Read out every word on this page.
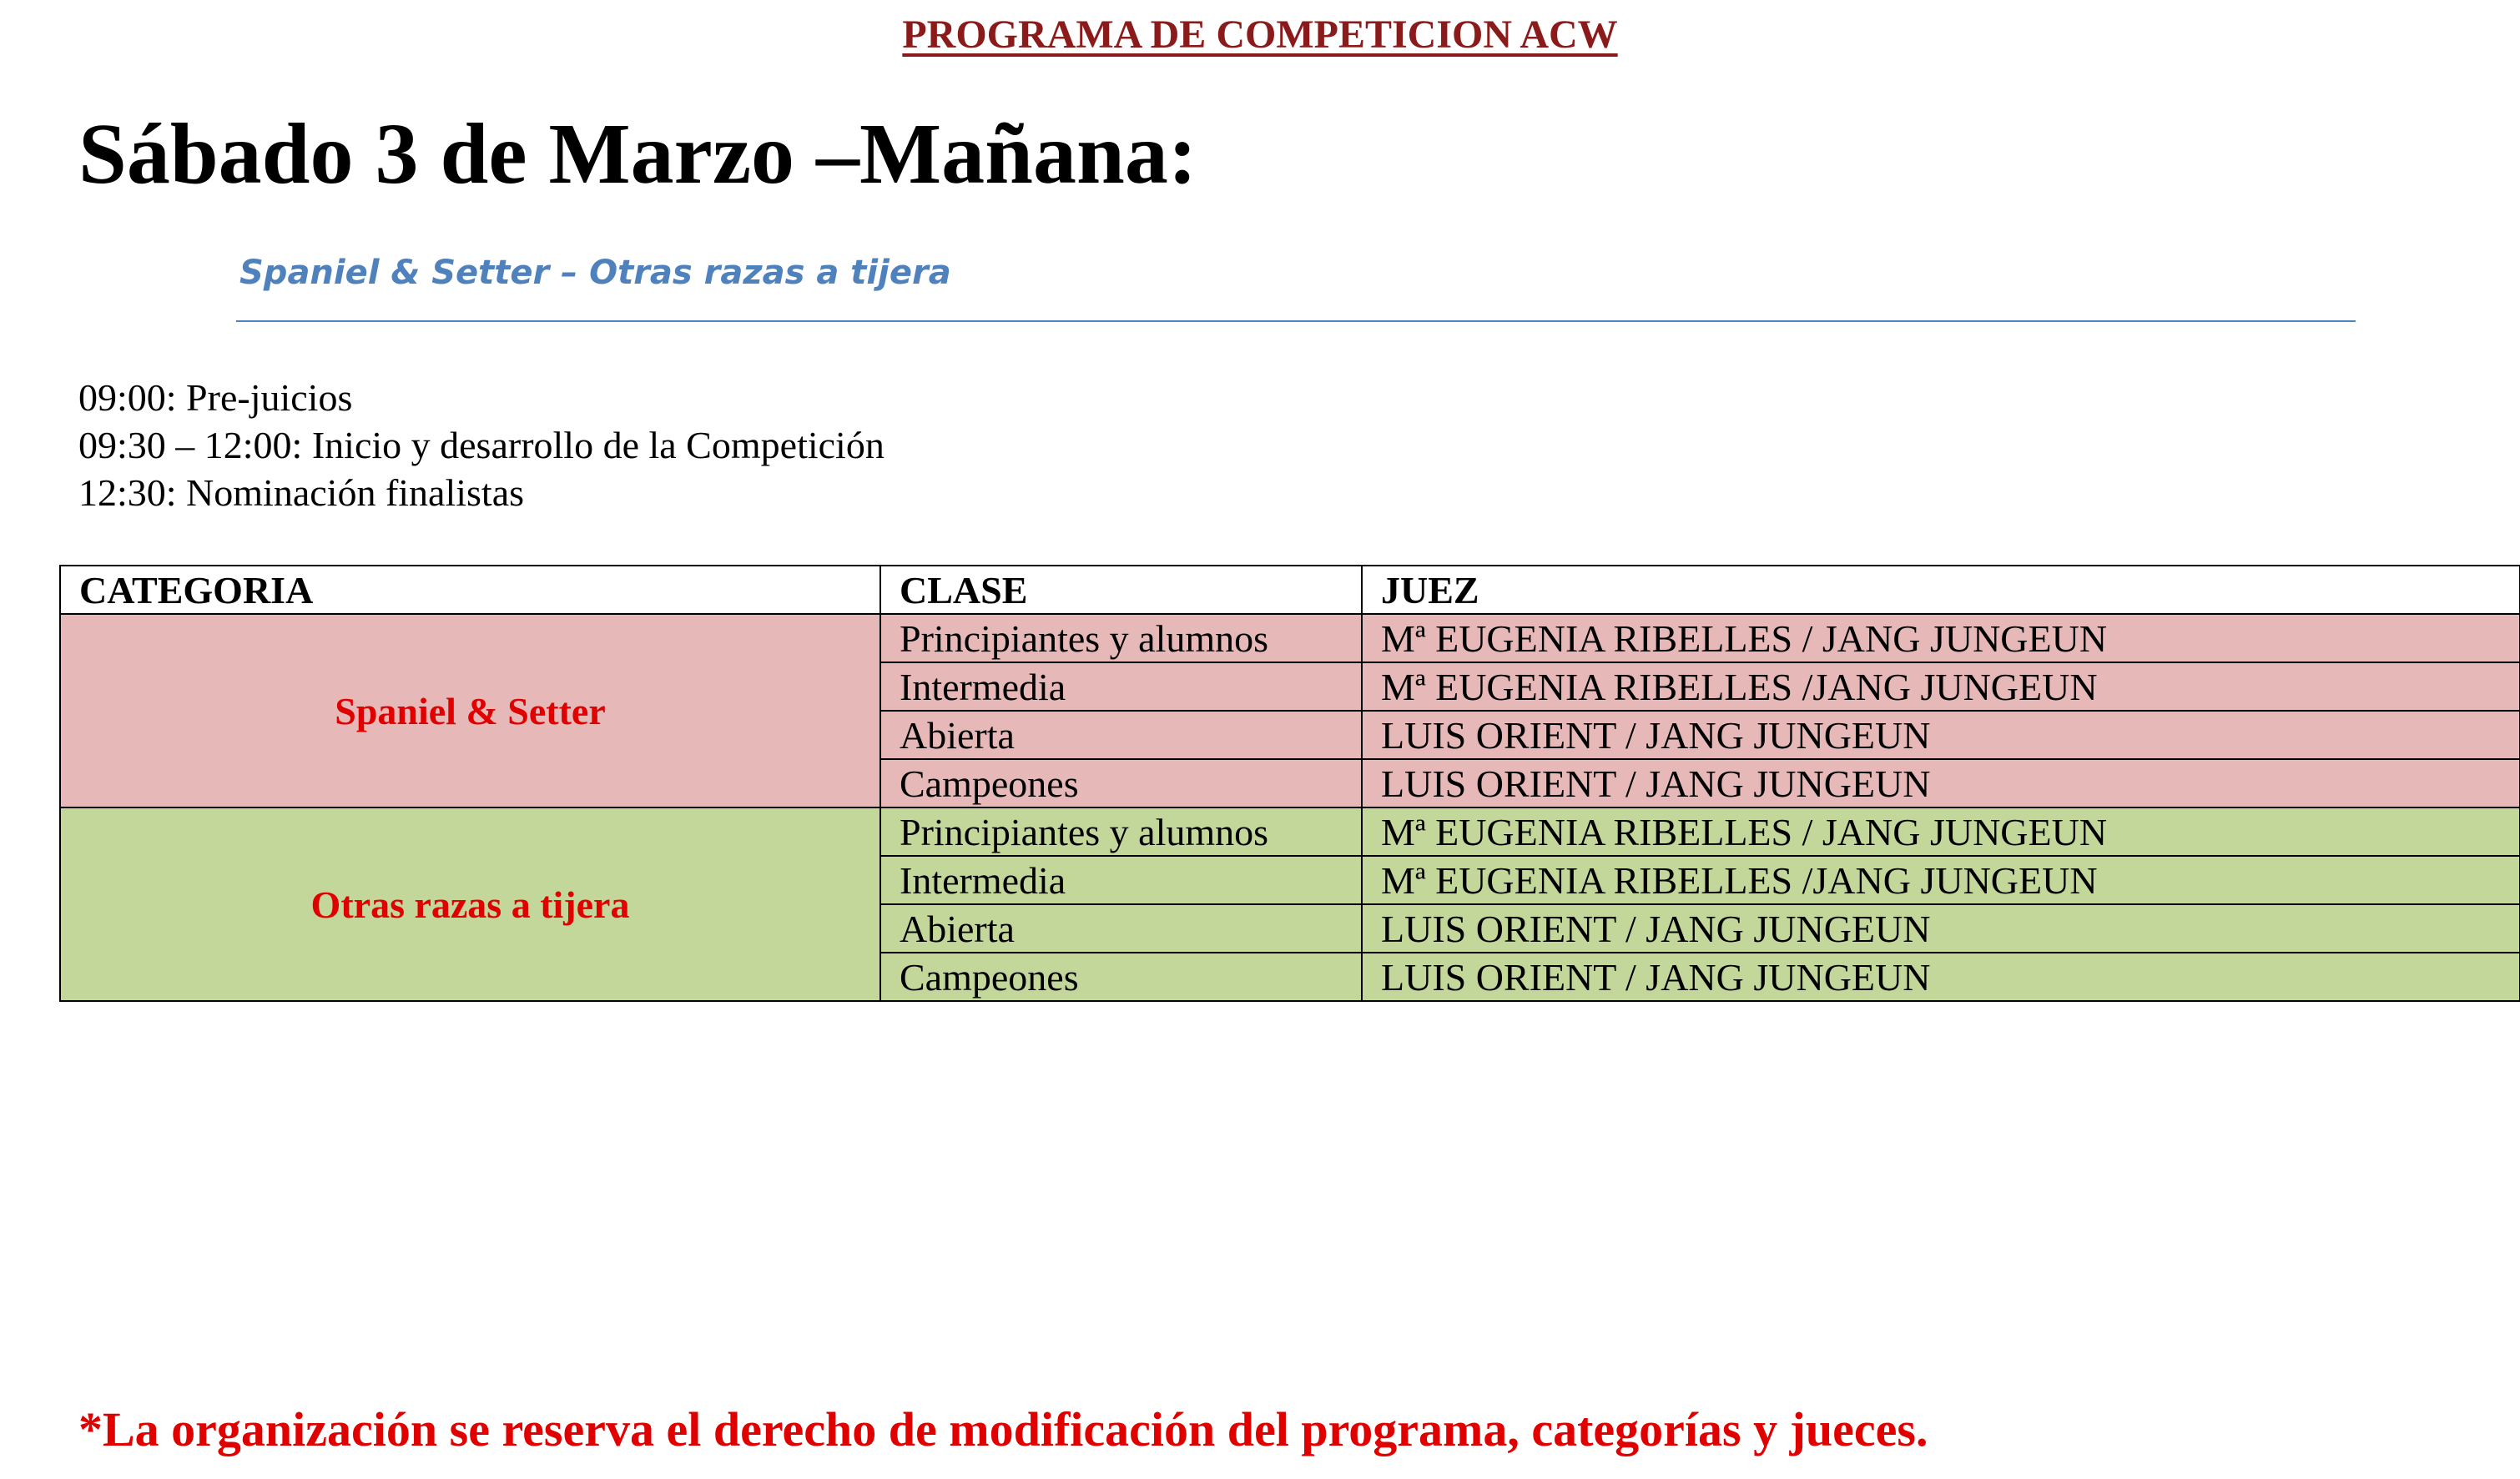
PROGRAMA DE COMPETICION ACW
Sábado 3 de Marzo –Mañana:
Spaniel & Setter – Otras razas a tijera
09:00: Pre-juicios
09:30 – 12:00: Inicio y desarrollo de la Competición
12:30: Nominación finalistas
CATEGORIA	CLASE	JUEZ
Spaniel & Setter	Principiantes y alumnos	Mª EUGENIA RIBELLES / JANG JUNGEUN
	Intermedia	Mª EUGENIA RIBELLES /JANG JUNGEUN
	Abierta	LUIS ORIENT / JANG JUNGEUN
	Campeones	LUIS ORIENT / JANG JUNGEUN
Otras razas a tijera	Principiantes y alumnos	Mª EUGENIA RIBELLES / JANG JUNGEUN
	Intermedia	Mª EUGENIA RIBELLES /JANG JUNGEUN
	Abierta	LUIS ORIENT / JANG JUNGEUN
	Campeones	LUIS ORIENT / JANG JUNGEUN
*La organización se reserva el derecho de modificación del programa, categorías y jueces.
